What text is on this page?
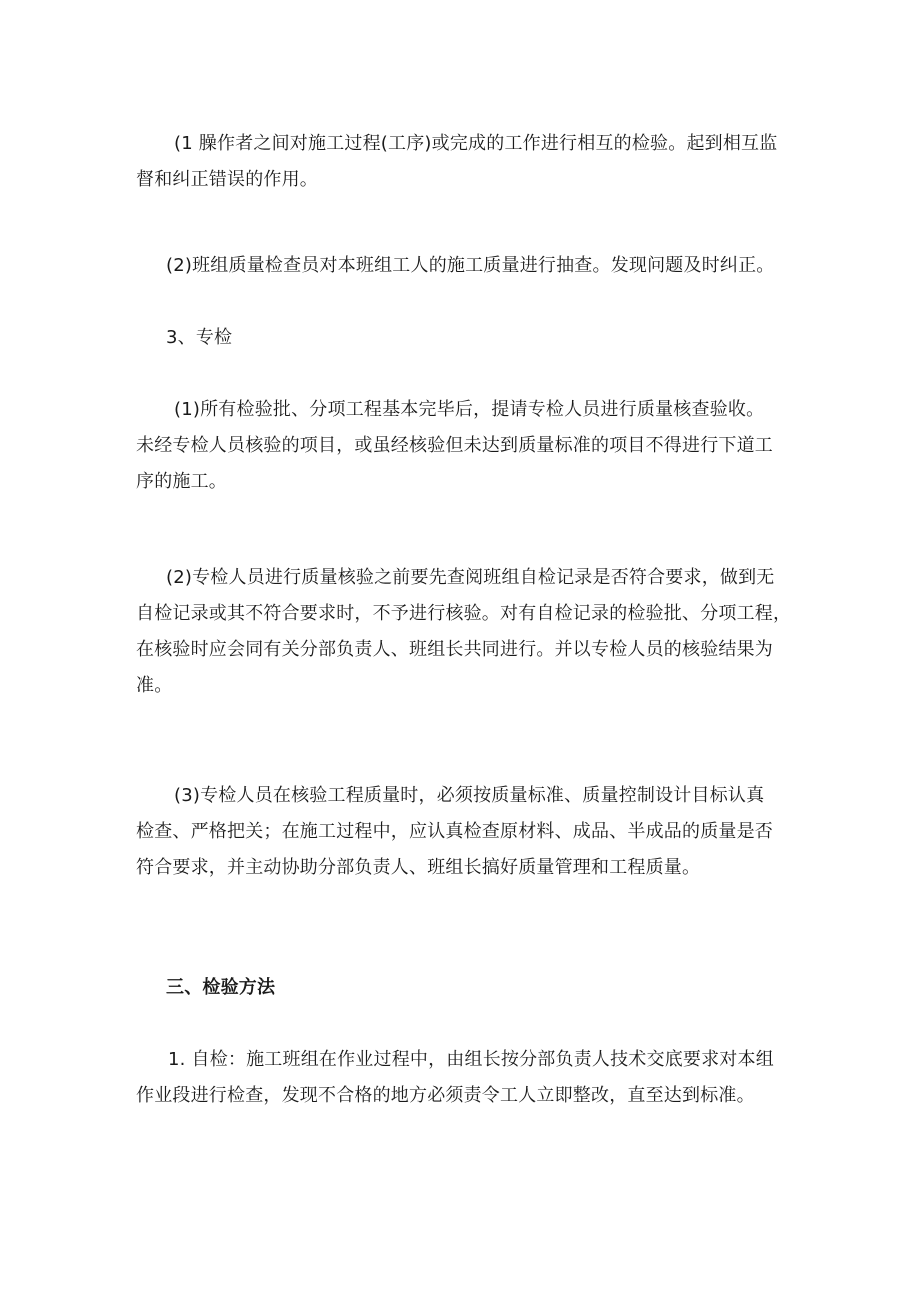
(1 臊作者之间对施工过程(工序)或完成的工作进行相互的检验。起到相互监
督和纠正错误的作用。
(2)班组质量检查员对本班组工人的施工质量进行抽查。发现问题及时纠正。
3、专检
(1)所有检验批、分项工程基本完毕后，提请专检人员进行质量核查验收。
未经专检人员核验的项目，或虽经核验但未达到质量标准的项目不得进行下道工
序的施工。
(2)专检人员进行质量核验之前要先查阅班组自检记录是否符合要求，做到无
自检记录或其不符合要求时，不予进行核验。对有自检记录的检验批、分项工程，
在核验时应会同有关分部负责人、班组长共同进行。并以专检人员的核验结果为
准。
(3)专检人员在核验工程质量时，必须按质量标准、质量控制设计目标认真
检查、严格把关；在施工过程中，应认真检查原材料、成品、半成品的质量是否
符合要求，并主动协助分部负责人、班组长搞好质量管理和工程质量。
三、检验方法
1. 自检：施工班组在作业过程中，由组长按分部负责人技术交底要求对本组
作业段进行检查，发现不合格的地方必须责令工人立即整改，直至达到标准。
